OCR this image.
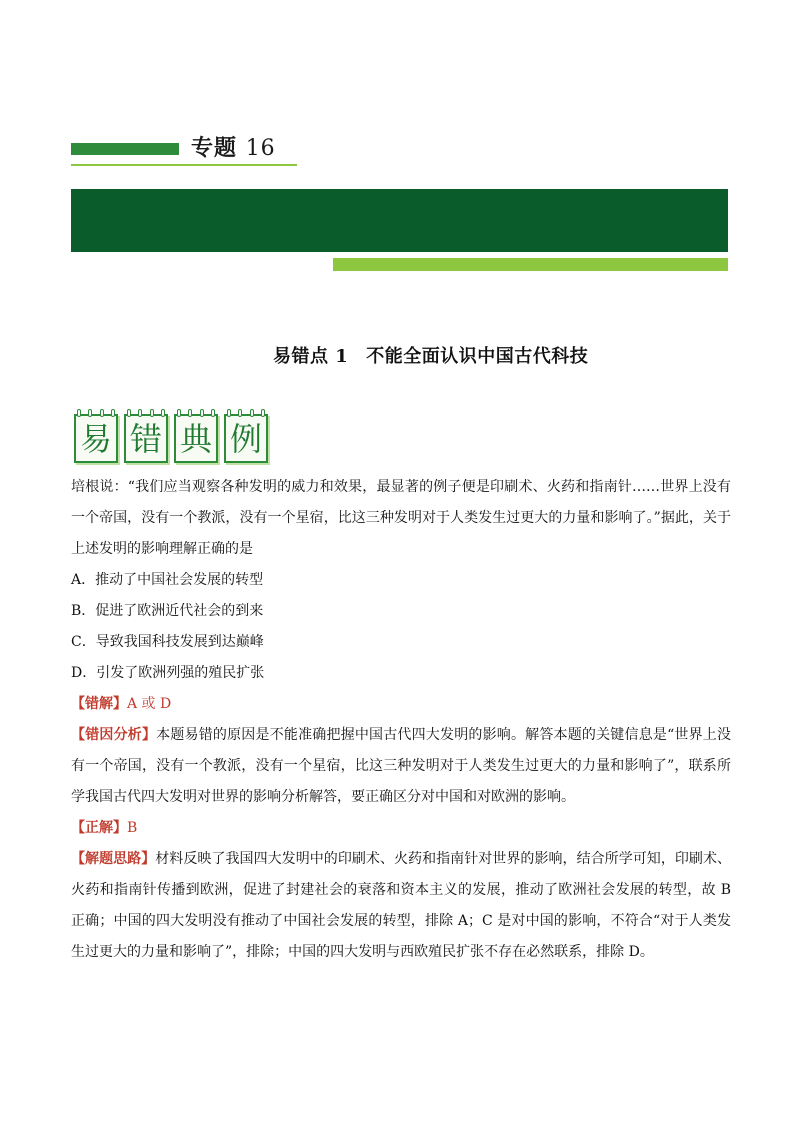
专题 16
易错点 1 不能全面认识中国古代科技
易 错 典 例

培根说：“我们应当观察各种发明的威力和效果，最显著的例子便是印刷术、火药和指南针……世界上没有一个帝国，没有一个教派，没有一个星宿，比这三种发明对于人类发生过更大的力量和影响了。”据此，关于上述发明的影响理解正确的是

A．推动了中国社会发展的转型

B．促进了欧洲近代社会的到来

C．导致我国科技发展到达巅峰

D．引发了欧洲列强的殖民扩张

【错解】A 或 D

【错因分析】本题易错的原因是不能准确把握中国古代四大发明的影响。解答本题的关键信息是“世界上没有一个帝国，没有一个教派，没有一个星宿，比这三种发明对于人类发生过更大的力量和影响了”，联系所学我国古代四大发明对世界的影响分析解答，要正确区分对中国和对欧洲的影响。

【正解】B

【解题思路】材料反映了我国四大发明中的印刷术、火药和指南针对世界的影响，结合所学可知，印刷术、火药和指南针传播到欧洲，促进了封建社会的衰落和资本主义的发展，推动了欧洲社会发展的转型，故 B 正确；中国的四大发明没有推动了中国社会发展的转型，排除 A；C 是对中国的影响，不符合“对于人类发生过更大的力量和影响了”，排除；中国的四大发明与西欧殖民扩张不存在必然联系，排除 D。
